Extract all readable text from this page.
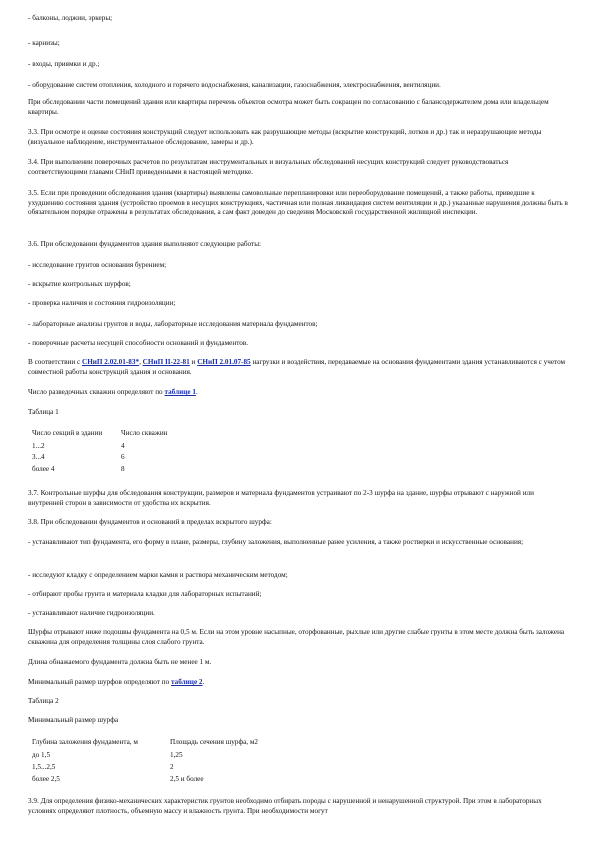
- балконы, лоджии, эркеры;

- карнизы;

- входы, приямки и др.;

- оборудование систем отопления, холодного и горячего водоснабжения, канализации, газоснабжения, электроснабжения, вентиляции.

При обследовании части помещений здания или квартиры перечень объектов осмотра может быть сокращен по согласованию с балансодержателем дома или владельцем квартиры.

3.3. При осмотре и оценке состояния конструкций следует использовать как разрушающие методы (вскрытие конструкций, лотков и др.) так и неразрушающие методы (визуальное наблюдение, инструментальное обследование, замеры и др.).

3.4. При выполнении поверочных расчетов по результатам инструментальных и визуальных обследований несущих конструкций следует руководствоваться соответствующими главами СНиП приведенными в настоящей методике.

3.5. Если при проведении обследования здания (квартиры) выявлены самовольные перепланировки или переоборудование помещений, а также работы, приведшие к ухудшению состояния здания (устройство проемов в несущих конструкциях, частичная или полная ликвидация систем вентиляции и др.) указанные нарушения должны быть в обязательном порядке отражены в результатах обследования, а сам факт доведен до сведения Московской государственной жилищной инспекции.

3.6. При обследовании фундаментов здания выполняют следующие работы:

- исследование грунтов основания бурением;

- вскрытие контрольных шурфов;

- проверка наличия и состояния гидроизоляции;

- лабораторные анализы грунтов и воды, лабораторные исследования материала фундаментов;

- поверочные расчеты несущей способности оснований и фундаментов.

В соответствии с СНиП 2.02.01-83*, СНиП II-22-81 и СНиП 2.01.07-85 нагрузки и воздействия, передаваемые на основания фундаментами здания устанавливаются с учетом совместной работы конструкций здания и основания.

Число разведочных скважин определяют по таблице 1.

Таблица 1

Число секций в здании	Число скважин
1...2	4
3...4	6
более 4	8

3.7. Контрольные шурфы для обследования конструкции, размеров и материала фундаментов устраивают по 2-3 шурфа на здание, шурфы отрывают с наружной или внутренней сторон в зависимости от удобства их вскрытия.

3.8. При обследовании фундаментов и оснований в пределах вскрытого шурфа:

- устанавливают тип фундамента, его форму в плане, размеры, глубину заложения, выполненные ранее усиления, а также ростверки и искусственные основания;

- исследуют кладку с определением марки камня и раствора механическим методом;

- отбирают пробы грунта и материала кладки для лабораторных испытаний;

- устанавливают наличие гидроизоляции.

Шурфы отрывают ниже подошвы фундамента на 0,5 м. Если на этом уровне насыпные, оторфованные, рыхлые или другие слабые грунты в этом месте должна быть заложена скважина для определения толщины слоя слабого грунта.

Длина обнажаемого фундамента должна быть не менее 1 м.

Минимальный размер шурфов определяют по таблице 2.

Таблица 2

Минимальный размер шурфа

Глубина заложения фундамента, м	Площадь сечения шурфа, м2
до 1,5	1,25
1,5...2,5	2
более 2,5	2,5 и более

3.9. Для определения физико-механических характеристик грунтов необходимо отбирать породы с нарушенной и ненарушенной структурой. При этом в лабораторных условиях определяют плотность, объемную массу и влажность грунта. При необходимости могут
